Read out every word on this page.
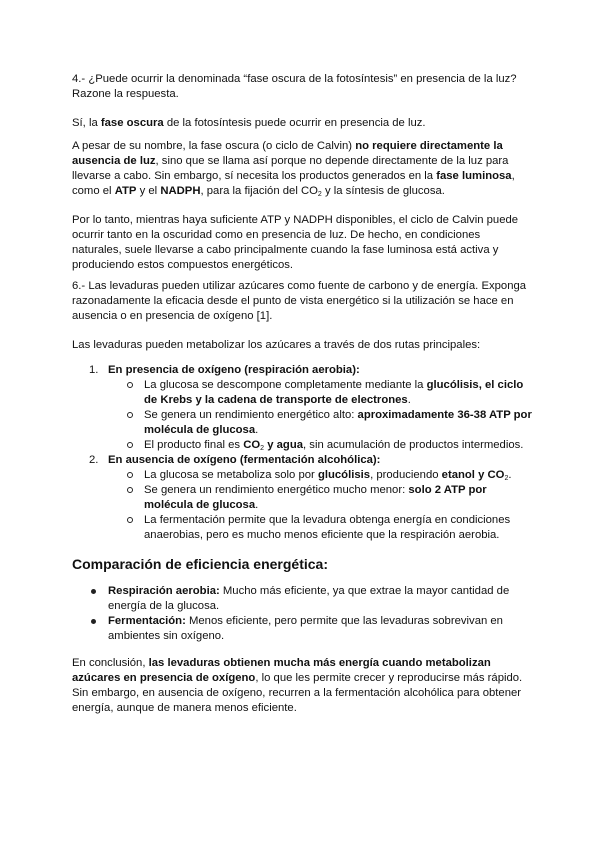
4.- ¿Puede ocurrir la denominada “fase oscura de la fotosíntesis” en presencia de la luz? Razone la respuesta.

Sí, la fase oscura de la fotosíntesis puede ocurrir en presencia de luz.

A pesar de su nombre, la fase oscura (o ciclo de Calvin) no requiere directamente la ausencia de luz, sino que se llama así porque no depende directamente de la luz para llevarse a cabo. Sin embargo, sí necesita los productos generados en la fase luminosa, como el ATP y el NADPH, para la fijación del $CO_2$ y la síntesis de glucosa.

Por lo tanto, mientras haya suficiente ATP y NADPH disponibles, el ciclo de Calvin puede ocurrir tanto en la oscuridad como en presencia de luz. De hecho, en condiciones naturales, suele llevarse a cabo principalmente cuando la fase luminosa está activa y produciendo estos compuestos energéticos.

6.- Las levaduras pueden utilizar azúcares como fuente de carbono y de energía. Exponga razonadamente la eficacia desde el punto de vista energético si la utilización se hace en ausencia o en presencia de oxígeno [1].

Las levaduras pueden metabolizar los azúcares a través de dos rutas principales:

1. En presencia de oxígeno (respiración aerobia):
La glucosa se descompone completamente mediante la glucólisis, el ciclo de Krebs y la cadena de transporte de electrones.
Se genera un rendimiento energético alto: aproximadamente 36-38 ATP por molécula de glucosa.
El producto final es $CO_2$ y agua, sin acumulación de productos intermedios.
2. En ausencia de oxígeno (fermentación alcohólica):
La glucosa se metaboliza solo por glucólisis, produciendo etanol y $CO_2$.
Se genera un rendimiento energético mucho menor: solo 2 ATP por molécula de glucosa.
La fermentación permite que la levadura obtenga energía en condiciones anaerobias, pero es mucho menos eficiente que la respiración aerobia.
Comparación de eficiencia energética:
Respiración aerobia: Mucho más eficiente, ya que extrae la mayor cantidad de energía de la glucosa.
Fermentación: Menos eficiente, pero permite que las levaduras sobrevivan en ambientes sin oxígeno.

En conclusión, las levaduras obtienen mucha más energía cuando metabolizan azúcares en presencia de oxígeno, lo que les permite crecer y reproducirse más rápido. Sin embargo, en ausencia de oxígeno, recurren a la fermentación alcohólica para obtener energía, aunque de manera menos eficiente.
